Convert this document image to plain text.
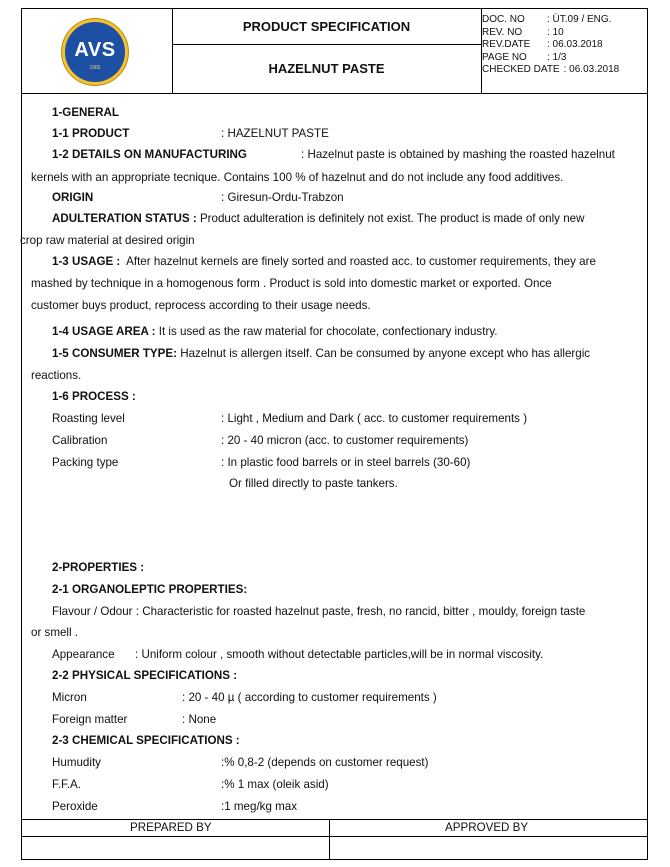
AVS
1965
PRODUCT SPECIFICATION
HAZELNUT PASTE
DOC. NO	: ÜT.09 / ENG.
REV. NO	: 10
REV.DATE	: 06.03.2018
PAGE NO	: 1/3
CHECKED DATE : 06.03.2018
1-GENERAL
1-1 PRODUCT	: HAZELNUT PASTE
1-2 DETAILS ON MANUFACTURING	: Hazelnut paste is obtained by mashing the roasted hazelnut
kernels with an appropriate tecnique. Contains 100 % of hazelnut and do not include any food additives.
ORIGIN	: Giresun-Ordu-Trabzon
ADULTERATION STATUS : Product adulteration is definitely not exist. The product is made of only new
crop raw material at desired origin
1-3 USAGE : After hazelnut kernels are finely sorted and roasted acc. to customer requirements, they are
mashed by technique in a homogenous form . Product is sold into domestic market or exported. Once
customer buys product, reprocess according to their usage needs.
1-4 USAGE AREA : It is used as the raw material for chocolate, confectionary industry.
1-5 CONSUMER TYPE: Hazelnut is allergen itself. Can be consumed by anyone except who has allergic
reactions.
1-6 PROCESS :
Roasting level	: Light , Medium and Dark ( acc. to customer requirements )
Calibration	: 20 - 40 micron (acc. to customer requirements)
Packing type	: In plastic food barrels or in steel barrels (30-60)
Or filled directly to paste tankers.
2-PROPERTIES :
2-1 ORGANOLEPTIC PROPERTIES:
Flavour / Odour : Characteristic for roasted hazelnut paste, fresh, no rancid, bitter , mouldy, foreign taste
or smell .
Appearance : Uniform colour , smooth without detectable particles,will be in normal viscosity.
2-2 PHYSICAL SPECIFICATIONS :
Micron	: 20 - 40 µ ( according to customer requirements )
Foreign matter	: None
2-3 CHEMICAL SPECIFICATIONS :
Humudity	:% 0,8-2 (depends on customer request)
F.F.A.	:% 1 max (oleik asid)
Peroxide	:1 meg/kg max
PREPARED BY	APPROVED BY
